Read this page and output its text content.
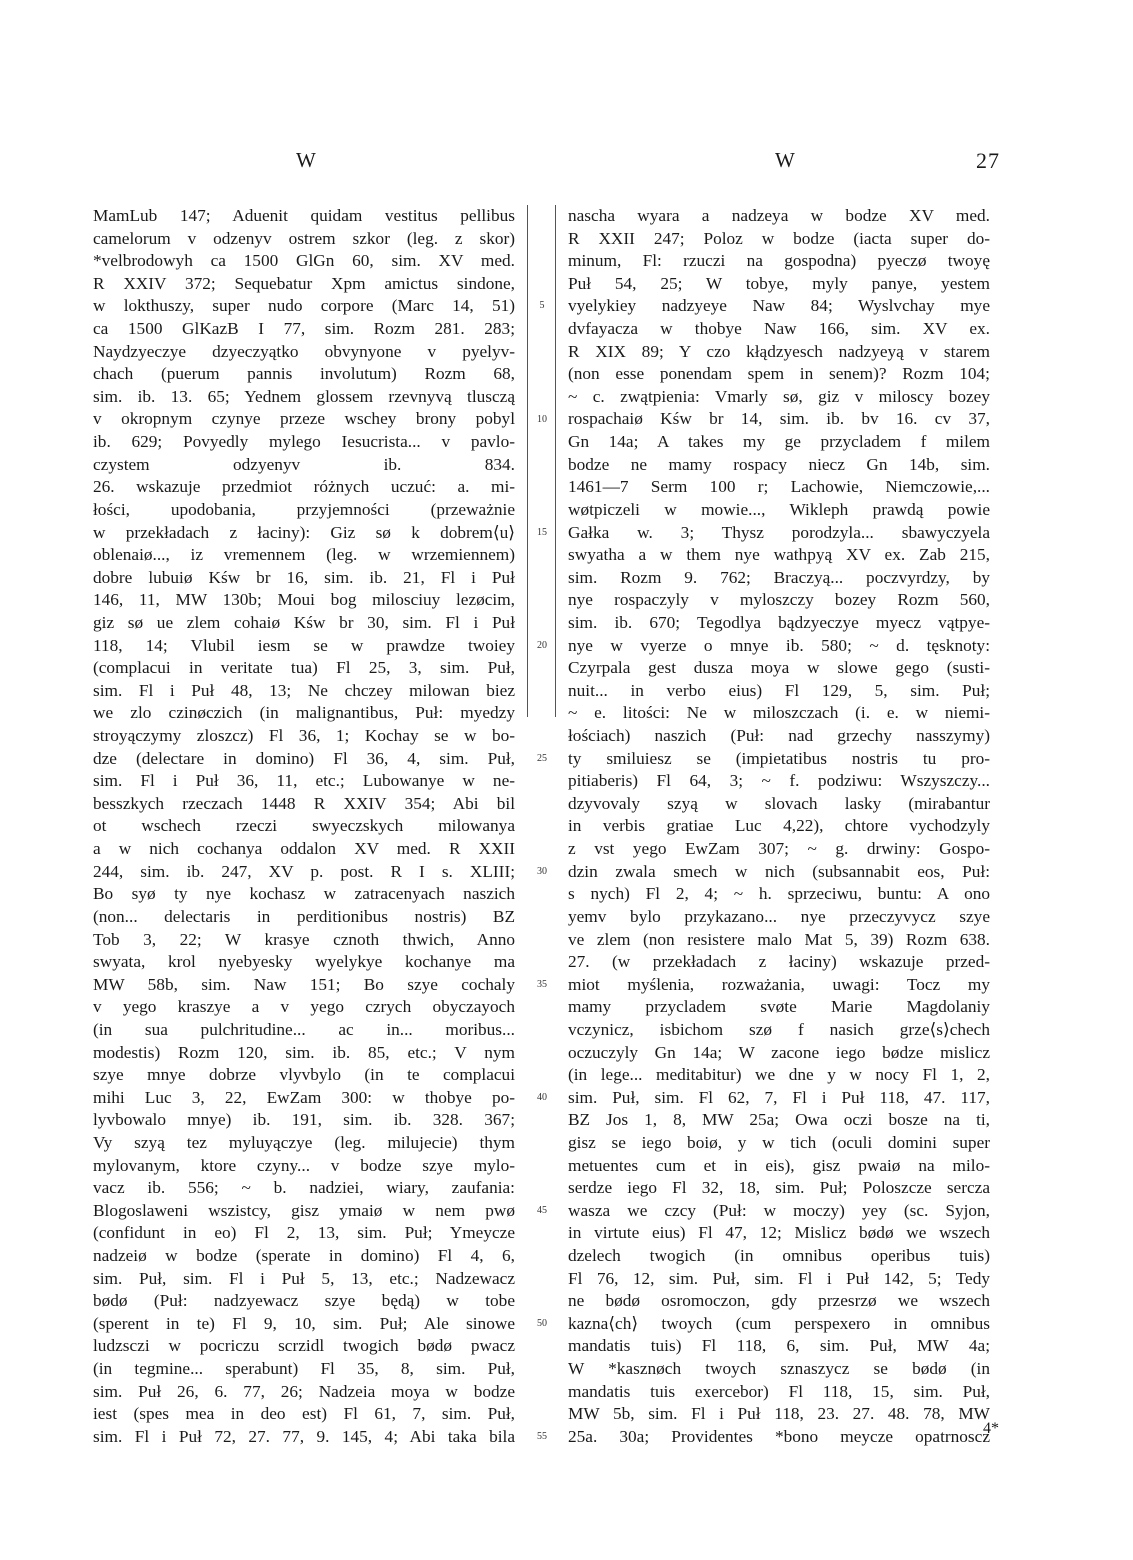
W	W	27
MamLub 147; Aduenit quidam vestitus pellibus
camelorum v odzenyv ostrem szkor (leg. z skor)
*velbrodowyh ca 1500 GlGn 60, sim. XV med.
R XXIV 372; Sequebatur Xpm amictus sindone,
w lokthuszy, super nudo corpore (Marc 14, 51)
ca 1500 GlKazB I 77, sim. Rozm 281. 283;
Naydzyeczye dzyeczyątko obvynyone v pyelyv-
chach (puerum pannis involutum) Rozm 68,
sim. ib. 13. 65; Yednem glossem rzevnyvą tlusczą
v okropnym czynye przeze wschey brony pobyl
ib. 629; Povyedly mylego Iesucrista... v pavlo-
czystem odzyenyv ib. 834.
26. wskazuje przedmiot różnych uczuć: a. mi-
łości, upodobania, przyjemności (przeważnie
w przekładach z łaciny): Giz sø k dobrem⟨u⟩
oblenaiø..., iz vremennem (leg. w wrzemiennem)
dobre lubuiø Kśw br 16, sim. ib. 21, Fl i Puł
146, 11, MW 130b; Moui bog milosciuy lezøcim,
giz sø ue zlem cohaiø Kśw br 30, sim. Fl i Puł
118, 14; Vlubil iesm se w prawdze twoiey
(complacui in veritate tua) Fl 25, 3, sim. Puł,
sim. Fl i Puł 48, 13; Ne chczey milowan biez
we zlo czinøczich (in malignantibus, Puł: myedzy
stroyączymy zloszcz) Fl 36, 1; Kochay se w bo-
dze (delectare in domino) Fl 36, 4, sim. Puł,
sim. Fl i Puł 36, 11, etc.; Lubowanye w ne-
besszkych rzeczach 1448 R XXIV 354; Abi bil
ot wschech rzeczi swyeczskych milowanya
a w nich cochanya oddalon XV med. R XXII
244, sim. ib. 247, XV p. post. R I s. XLIII;
Bo syø ty nye kochasz w zatracenyach naszich
(non... delectaris in perditionibus nostris) BZ
Tob 3, 22; W krasye cznoth thwich, Anno
swyata, krol nyebyesky wyelykye kochanye ma
MW 58b, sim. Naw 151; Bo szye cochaly
v yego kraszye a v yego czrych obyczayoch
(in sua pulchritudine... ac in... moribus...
modestis) Rozm 120, sim. ib. 85, etc.; V nym
szye mnye dobrze vlyvbylo (in te complacui
mihi Luc 3, 22, EwZam 300: w thobye po-
lyvbowalo mnye) ib. 191, sim. ib. 328. 367;
Vy szyą tez myluyączye (leg. milujecie) thym
mylovanym, ktore czyny... v bodze szye mylo-
vacz ib. 556; ~ b. nadziei, wiary, zaufania:
Blogoslaweni wszistcy, gisz ymaiø w nem pwø
(confidunt in eo) Fl 2, 13, sim. Puł; Ymeycze
nadzeiø w bodze (sperate in domino) Fl 4, 6,
sim. Puł, sim. Fl i Puł 5, 13, etc.; Nadzewacz
bødø (Puł: nadzyewacz szye będą) w tobe
(sperent in te) Fl 9, 10, sim. Puł; Ale sinowe
ludzsczi w pocriczu scrzidl twogich bødø pwacz
(in tegmine... sperabunt) Fl 35, 8, sim. Puł,
sim. Puł 26, 6. 77, 26; Nadzeia moya w bodze
iest (spes mea in deo est) Fl 61, 7, sim. Puł,
sim. Fl i Puł 72, 27. 77, 9. 145, 4; Abi taka bila
5
10
15
20
25
30
35
40
45
50
55
nascha wyara a nadzeya w bodze XV med.
R XXII 247; Poloz w bodze (iacta super do-
minum, Fl: rzuczi na gospodna) pyeczø twoyę
Puł 54, 25; W tobye, myly panye, yestem
vyelykiey nadzyeye Naw 84; Wyslvchay mye
dvfayacza w thobye Naw 166, sim. XV ex.
R XIX 89; Y czo kłądzyesch nadzyeyą v starem
(non esse ponendam spem in senem)? Rozm 104;
~ c. zwątpienia: Vmarly sø, giz v miloscy bozey
rospachaiø Kśw br 14, sim. ib. bv 16. cv 37,
Gn 14a; A takes my ge przycladem f milem
bodze ne mamy rospacy niecz Gn 14b, sim.
1461—7 Serm 100 r; Lachowie, Niemczowie,...
wøtpiczeli w mowie..., Wikleph prawdą powie
Gałka w. 3; Thysz porodzyla... sbawyczyela
swyatha a w them nye wathpyą XV ex. Zab 215,
sim. Rozm 9. 762; Braczyą... poczvyrdzy, by
nye rospaczyly v myloszczy bozey Rozm 560,
sim. ib. 670; Tegodlya bądzyeczye myecz vątpye-
nye w vyerze o mnye ib. 580; ~ d. tęsknoty:
Czyrpala gest dusza moya w slowe gego (susti-
nuit... in verbo eius) Fl 129, 5, sim. Puł;
~ e. litości: Ne w miloszczach (i. e. w niemi-
łościach) naszich (Puł: nad grzechy nasszymy)
ty smiluiesz se (impietatibus nostris tu pro-
pitiaberis) Fl 64, 3; ~ f. podziwu: Wszyszczy...
dzyvovaly szyą w slovach lasky (mirabantur
in verbis gratiae Luc 4,22), chtore vychodzyly
z vst yego EwZam 307; ~ g. drwiny: Gospo-
dzin zwala smech w nich (subsannabit eos, Puł:
s nych) Fl 2, 4; ~ h. sprzeciwu, buntu: A ono
yemv bylo przykazano... nye przeczyvycz szye
ve zlem (non resistere malo Mat 5, 39) Rozm 638.
27. (w przekładach z łaciny) wskazuje przed-
miot myślenia, rozważania, uwagi: Tocz my
mamy przycladem svøte Marie Magdolaniy
vczynicz, isbichom szø f nasich grze⟨s⟩chech
oczuczyly Gn 14a; W zacone iego bødze mislicz
(in lege... meditabitur) we dne y w nocy Fl 1, 2,
sim. Puł, sim. Fl 62, 7, Fl i Puł 118, 47. 117,
BZ Jos 1, 8, MW 25a; Owa oczi bosze na ti,
gisz se iego boiø, y w tich (oculi domini super
metuentes cum et in eis), gisz pwaiø na milo-
serdze iego Fl 32, 18, sim. Puł; Poloszcze sercza
wasza we czcy (Puł: w moczy) yey (sc. Syjon,
in virtute eius) Fl 47, 12; Mislicz bødø we wszech
dzelech twogich (in omnibus operibus tuis)
Fl 76, 12, sim. Puł, sim. Fl i Puł 142, 5; Tedy
ne bødø osromoczon, gdy przesrzø we wszech
kazna⟨ch⟩ twoych (cum perspexero in omnibus
mandatis tuis) Fl 118, 6, sim. Puł, MW 4a;
W *kasznøch twoych sznaszycz se bødø (in
mandatis tuis exercebor) Fl 118, 15, sim. Puł,
MW 5b, sim. Fl i Puł 118, 23. 27. 48. 78, MW
25a. 30a; Providentes *bono meycze opatrnoscz
4*
